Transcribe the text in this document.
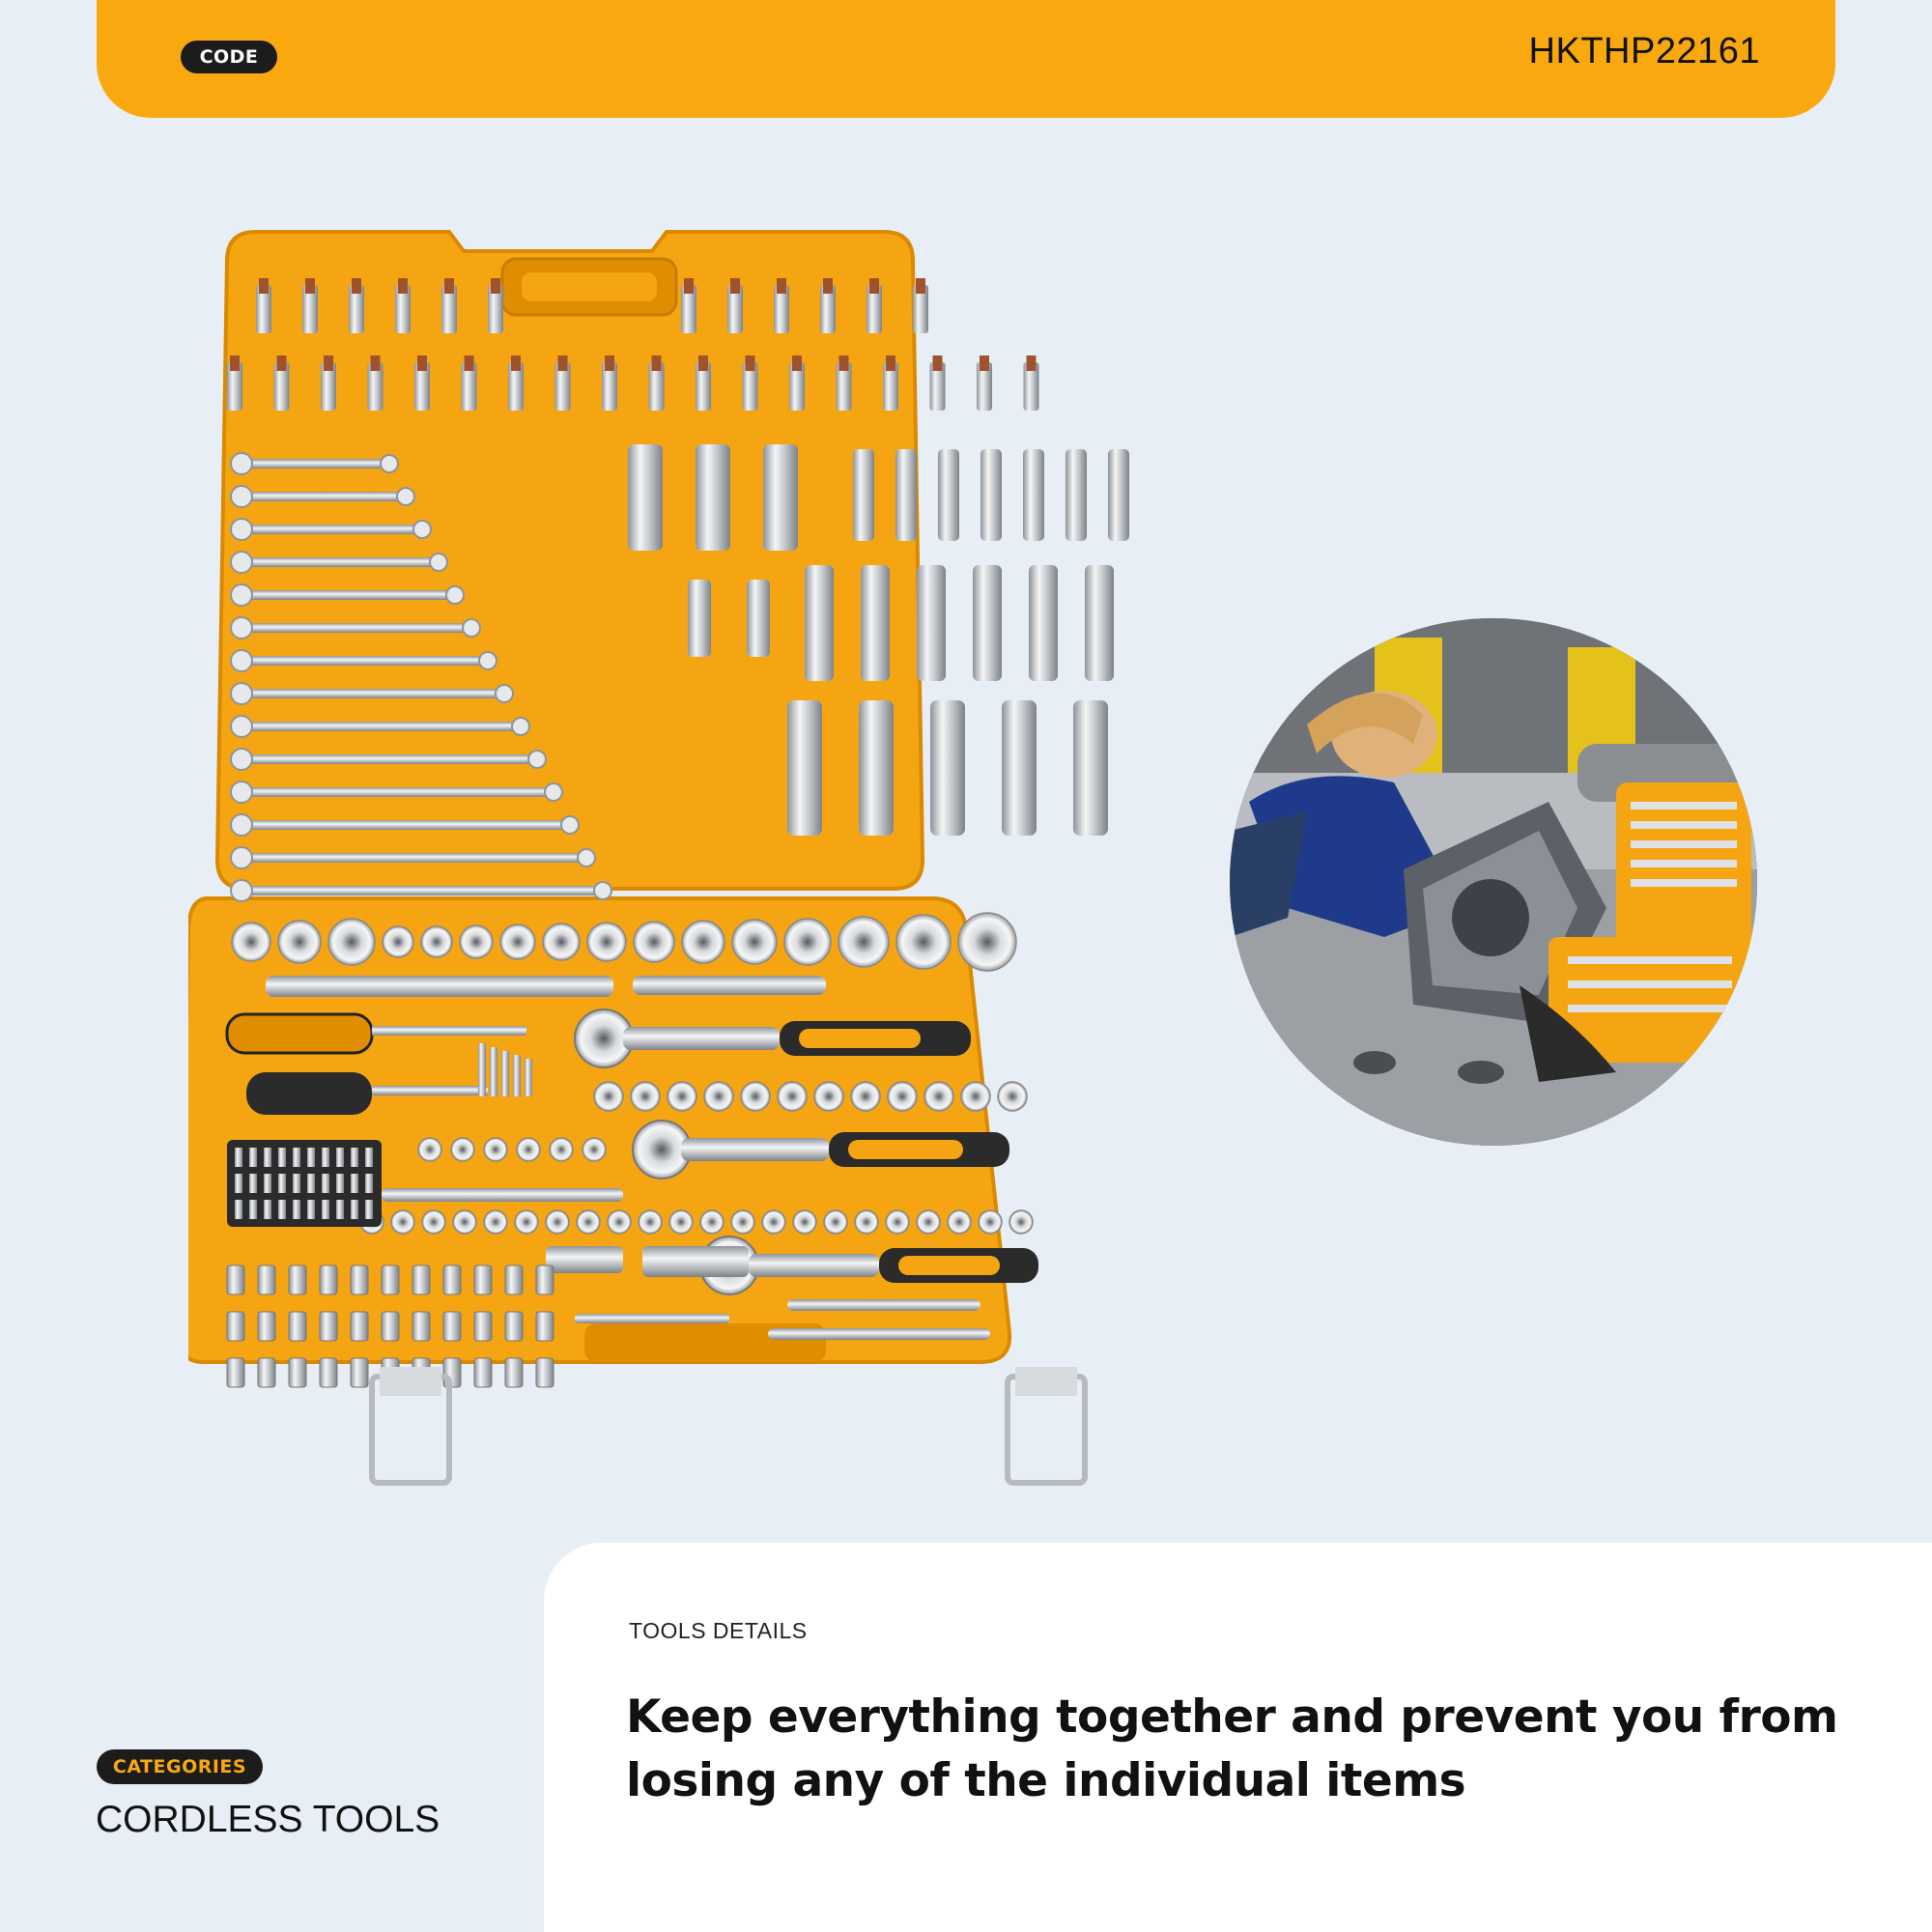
CODE	HKTHP22161
TOOLS DETAILS
Keep everything together and prevent you from losing any of the individual items
CATEGORIES
CORDLESS TOOLS
